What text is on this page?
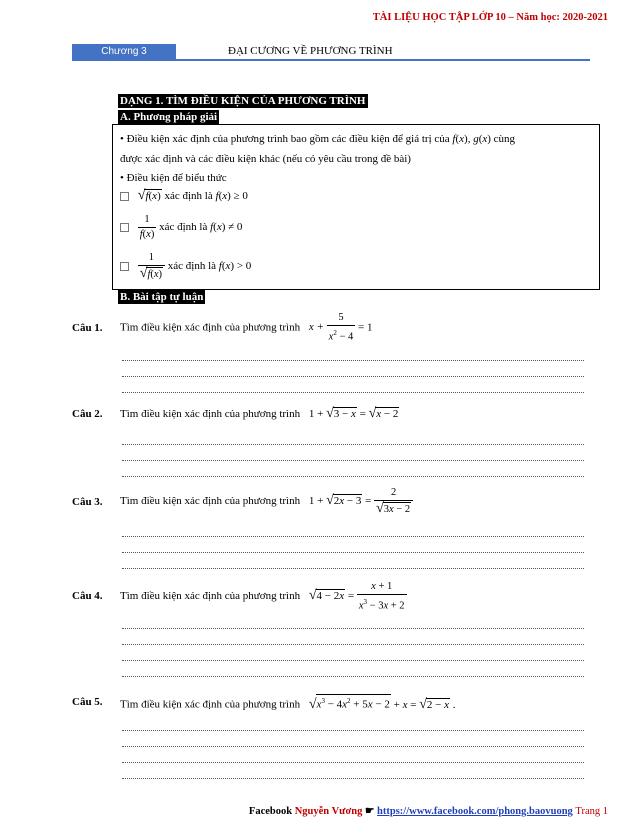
TÀI LIỆU HỌC TẬP LỚP 10 – Năm học: 2020-2021
Chương 3	ĐẠI CƯƠNG VỀ PHƯƠNG TRÌNH
DẠNG 1. TÌM ĐIỀU KIỆN CỦA PHƯƠNG TRÌNH
A. Phương pháp giải
• Điều kiện xác định của phương trình bao gồm các điều kiện để giá trị của f(x), g(x) cùng
được xác định và các điều kiện khác (nếu có yêu cầu trong đề bài)
• Điều kiện để biểu thức
√f(x) xác định là f(x) ≥ 0

$\frac{1}{f(x)}$ xác định là f(x) ≠ 0

$\frac{1}{√f(x)}$ xác định là f(x) > 0
B. Bài tập tự luận
Câu 1. Tìm điều kiện xác định của phương trình $x + \frac{5}{x^2 - 4} = 1$
Câu 2. Tìm điều kiện xác định của phương trình 1 + √3 − x = √x − 2
Câu 3. Tìm điều kiện xác định của phương trình $1 + √2x - 3 = \frac{2}{√3x - 2}$
Câu 4. Tìm điều kiện xác định của phương trình $√4 - 2x = \frac{x + 1}{x^3 - 3x + 2}$
Câu 5. Tìm điều kiện xác định của phương trình $√x^3 - 4x^2 + 5x - 2 + x = √2 - x$ .
Facebook Nguyễn Vương ☛ https://www.facebook.com/phong.baovuong Trang 1
